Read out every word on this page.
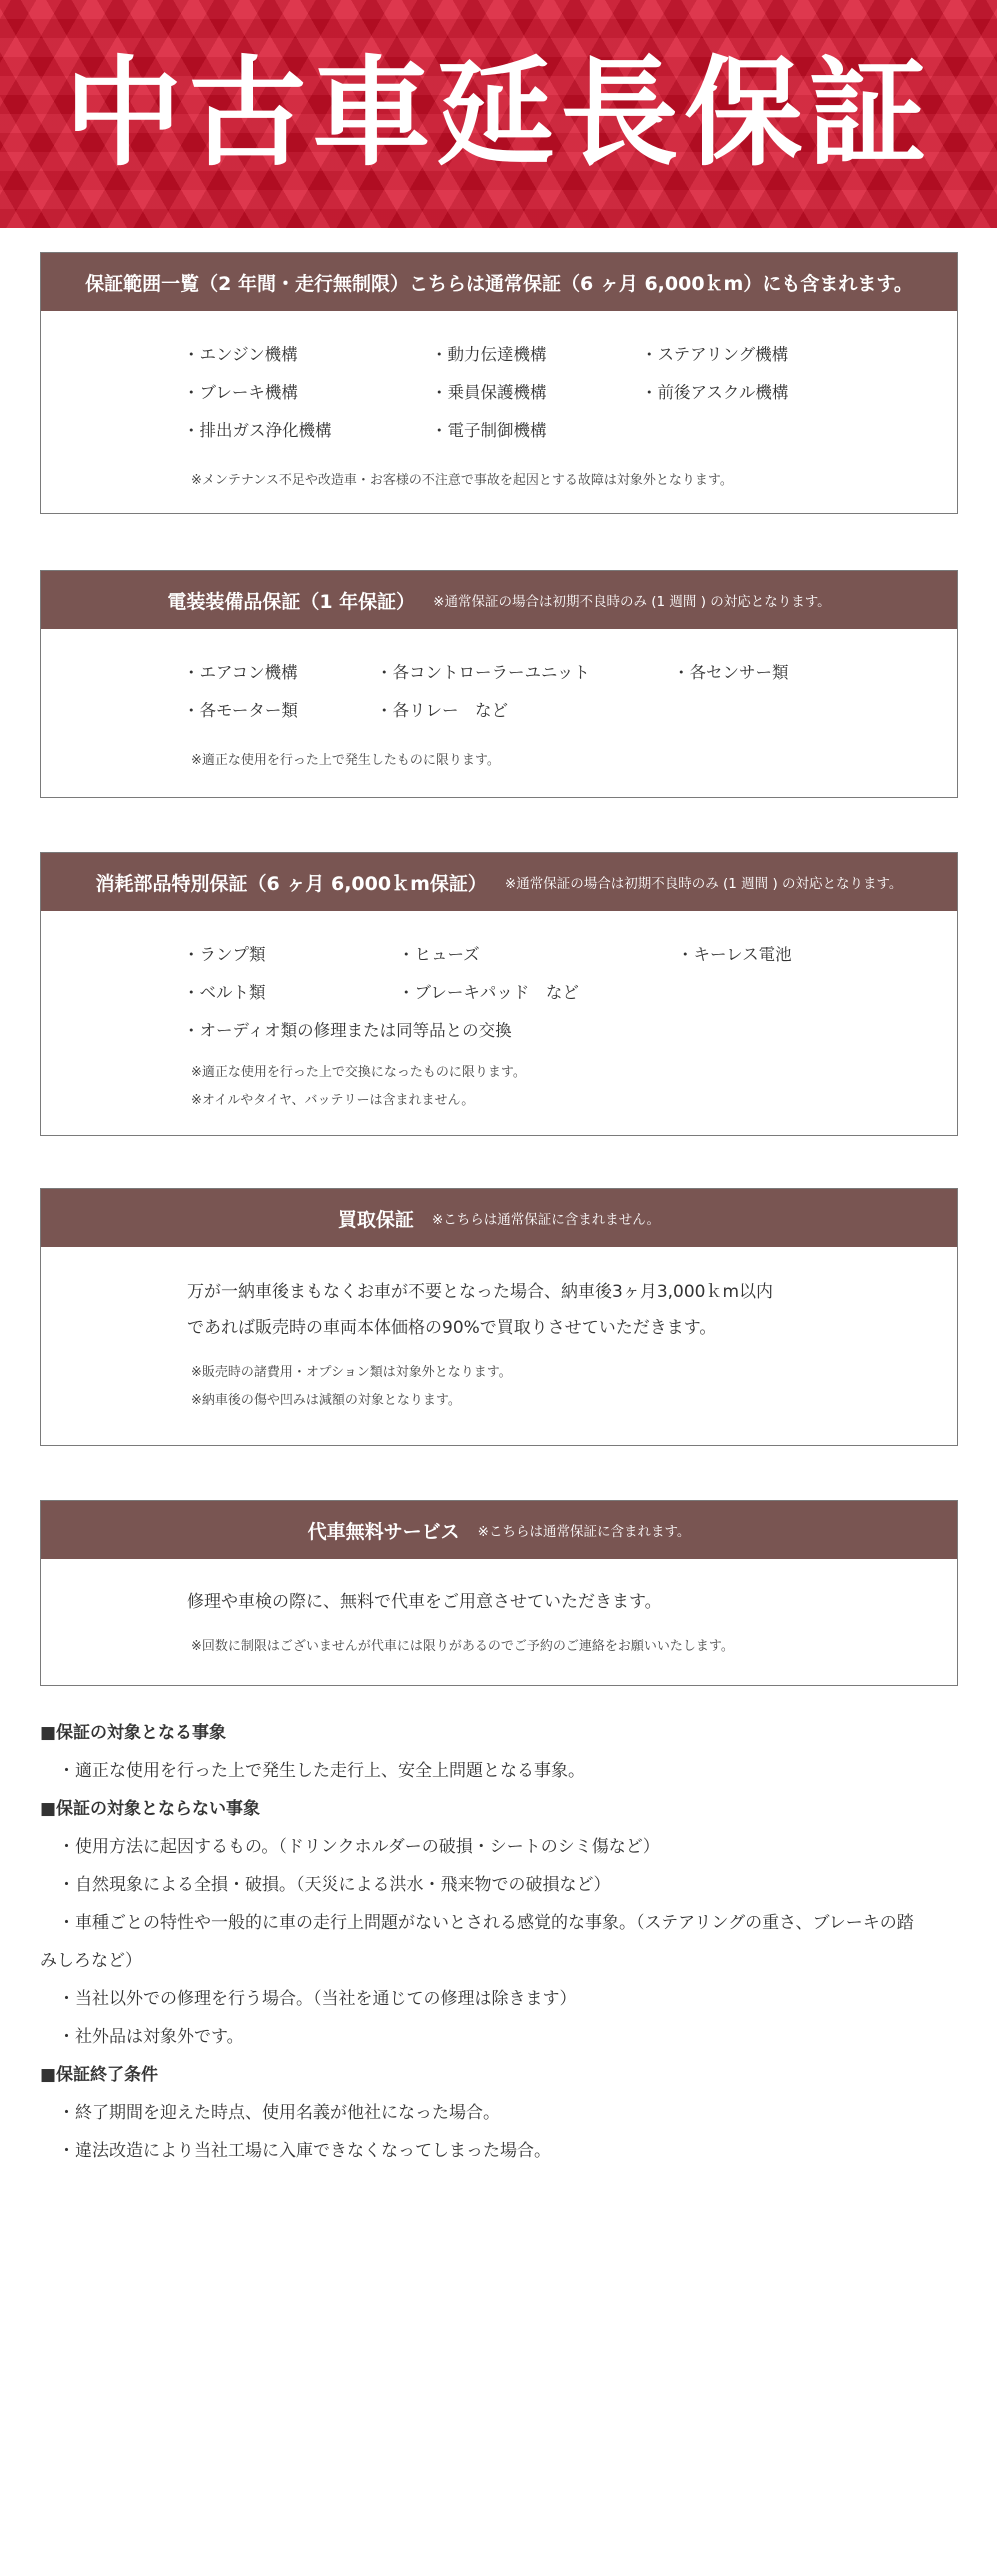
中古車延長保証
保証範囲一覧（2 年間・走行無制限）こちらは通常保証（6 ヶ月 6,000ｋm）にも含まれます。
・エンジン機構	・動力伝達機構	・ステアリング機構
・ブレーキ機構	・乗員保護機構	・前後アスクル機構
・排出ガス浄化機構	・電子制御機構
※メンテナンス不足や改造車・お客様の不注意で事故を起因とする故障は対象外となります。
電装装備品保証（1 年保証） ※通常保証の場合は初期不良時のみ (1 週間 ) の対応となります。
・エアコン機構	・各コントローラーユニット	・各センサー類
・各モーター類	・各リレー　など
※適正な使用を行った上で発生したものに限ります。
消耗部品特別保証（6 ヶ月 6,000ｋm保証） ※通常保証の場合は初期不良時のみ (1 週間 ) の対応となります。
・ランプ類	・ヒューズ	・キーレス電池
・ベルト類	・ブレーキパッド　など
・オーディオ類の修理または同等品との交換
※適正な使用を行った上で交換になったものに限ります。
※オイルやタイヤ、バッテリーは含まれません。
買取保証 ※こちらは通常保証に含まれません。
万が一納車後まもなくお車が不要となった場合、納車後3ヶ月3,000ｋm以内
であれば販売時の車両本体価格の90%で買取りさせていただきます。
※販売時の諸費用・オプション類は対象外となります。
※納車後の傷や凹みは減額の対象となります。
代車無料サービス ※こちらは通常保証に含まれます。
修理や車検の際に、無料で代車をご用意させていただきます。
※回数に制限はございませんが代車には限りがあるのでご予約のご連絡をお願いいたします。
■保証の対象となる事象
・適正な使用を行った上で発生した走行上、安全上問題となる事象。
■保証の対象とならない事象
・使用方法に起因するもの。（ドリンクホルダーの破損・シートのシミ傷など）
・自然現象による全損・破損。（天災による洪水・飛来物での破損など）
・車種ごとの特性や一般的に車の走行上問題がないとされる感覚的な事象。（ステアリングの重さ、ブレーキの踏
みしろなど）
・当社以外での修理を行う場合。（当社を通じての修理は除きます）
・社外品は対象外です。
■保証終了条件
・終了期間を迎えた時点、使用名義が他社になった場合。
・違法改造により当社工場に入庫できなくなってしまった場合。
